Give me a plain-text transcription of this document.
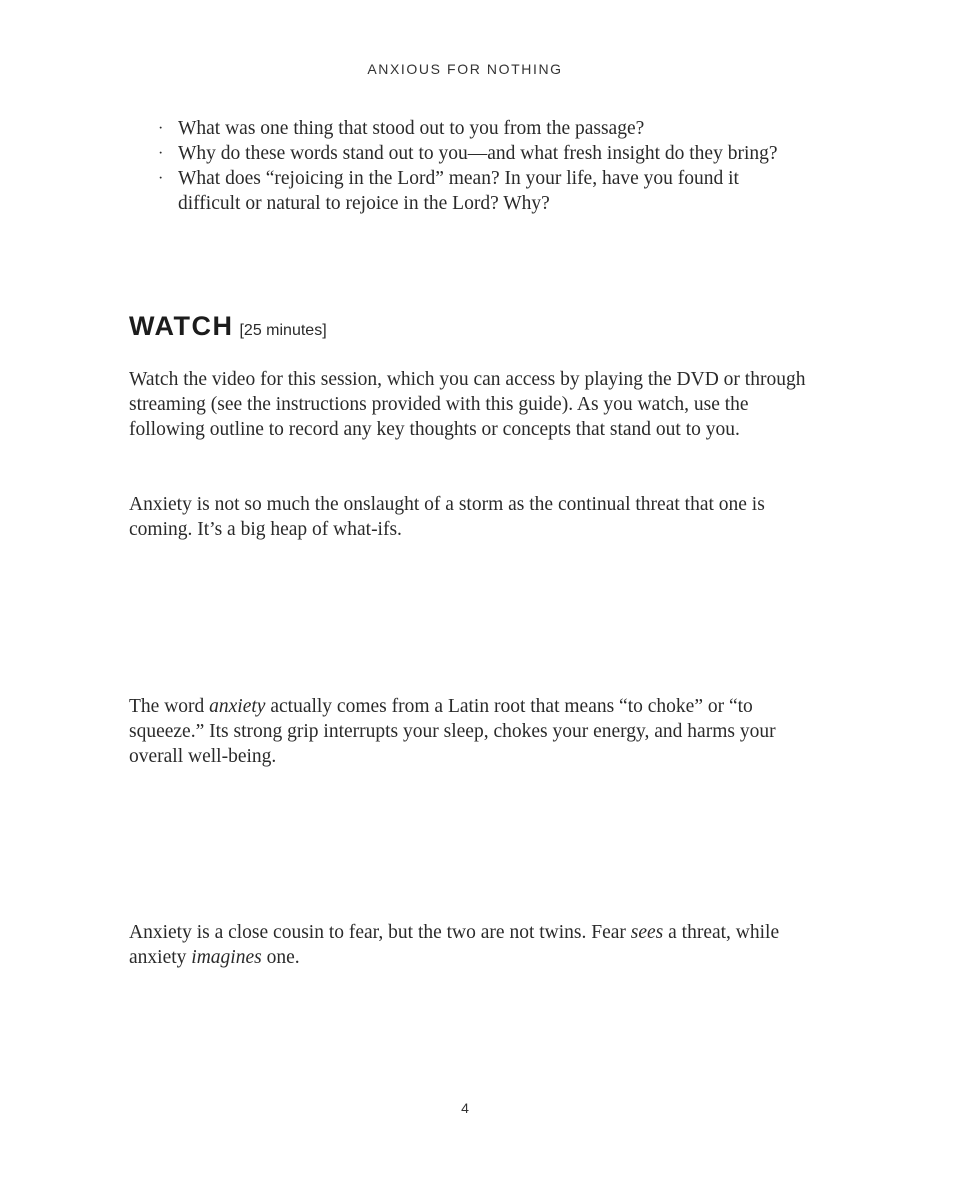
ANXIOUS FOR NOTHING
· What was one thing that stood out to you from the passage?
· Why do these words stand out to you—and what fresh insight do they bring?
· What does “rejoicing in the Lord” mean? In your life, have you found it difficult or natural to rejoice in the Lord? Why?
WATCH [25 minutes]

Watch the video for this session, which you can access by playing the DVD or through streaming (see the instructions provided with this guide). As you watch, use the following outline to record any key thoughts or concepts that stand out to you.

Anxiety is not so much the onslaught of a storm as the continual threat that one is coming. It’s a big heap of what-ifs.

The word anxiety actually comes from a Latin root that means “to choke” or “to squeeze.” Its strong grip interrupts your sleep, chokes your energy, and harms your overall well-being.

Anxiety is a close cousin to fear, but the two are not twins. Fear sees a threat, while anxiety imagines one.

4
